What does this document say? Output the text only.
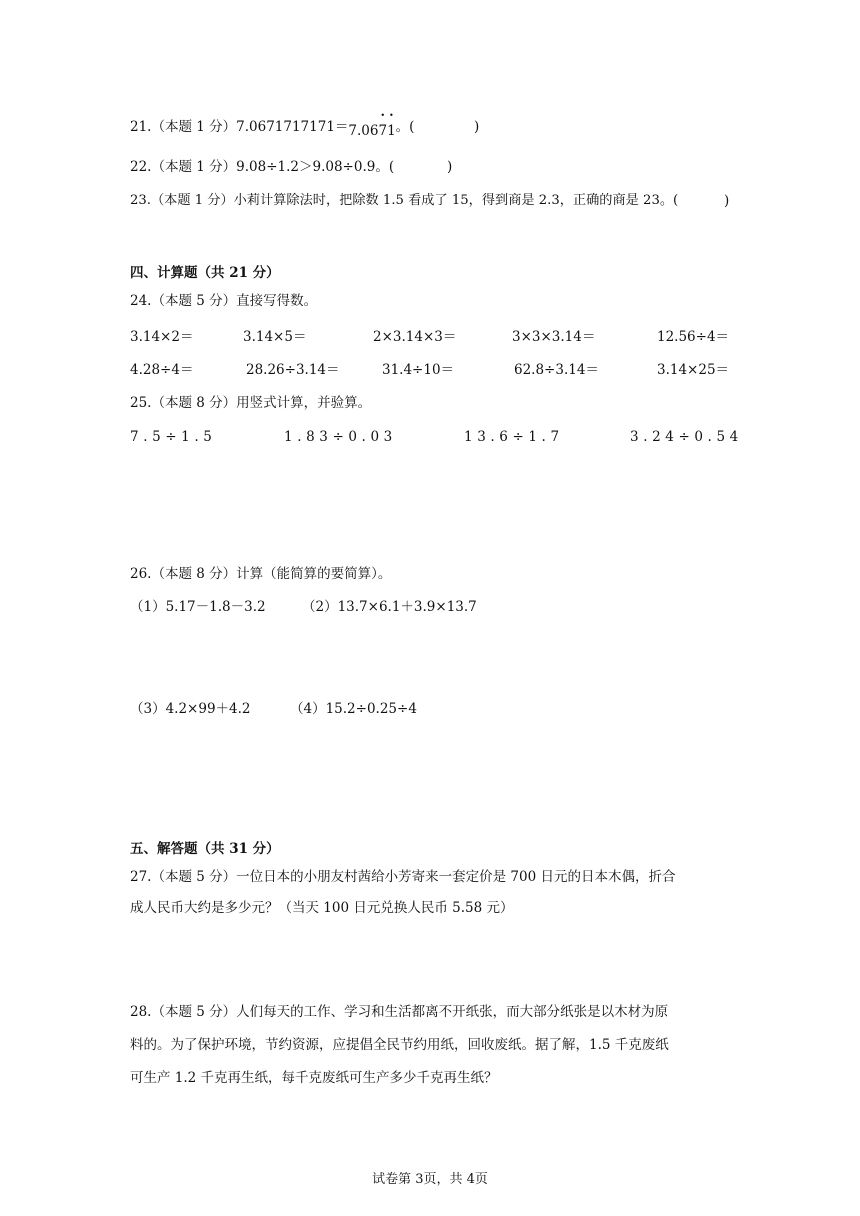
21.（本题 1 分）7.0671717171＝7.067 •1 •。(	)
22.（本题 1 分）9.08÷1.2＞9.08÷0.9。(	)
23.（本题 1 分）小莉计算除法时，把除数 1.5 看成了 15，得到商是 2.3，正确的商是 23。(	)
四、计算题（共 21 分）
24.（本题 5 分）直接写得数。
3.14×2＝	3.14×5＝	2×3.14×3＝	3×3×3.14＝	12.56÷4＝
4.28÷4＝	28.26÷3.14＝	31.4÷10＝	62.8÷3.14＝	3.14×25＝
25.（本题 8 分）用竖式计算，并验算。
7.5÷1.5	1.83÷0.03	13.6÷1.7	3.24÷0.54
26.（本题 8 分）计算（能简算的要简算）。
（1）5.17－1.8－3.2	（2）13.7×6.1＋3.9×13.7
（3）4.2×99＋4.2	（4）15.2÷0.25÷4
五、解答题（共 31 分）
27.（本题 5 分）一位日本的小朋友村茜给小芳寄来一套定价是 700 日元的日本木偶，折合
成人民币大约是多少元？（当天 100 日元兑换人民币 5.58 元）
28.（本题 5 分）人们每天的工作、学习和生活都离不开纸张，而大部分纸张是以木材为原
料的。为了保护环境，节约资源，应提倡全民节约用纸，回收废纸。据了解，1.5 千克废纸
可生产 1.2 千克再生纸，每千克废纸可生产多少千克再生纸？
试卷第 3页，共 4页
